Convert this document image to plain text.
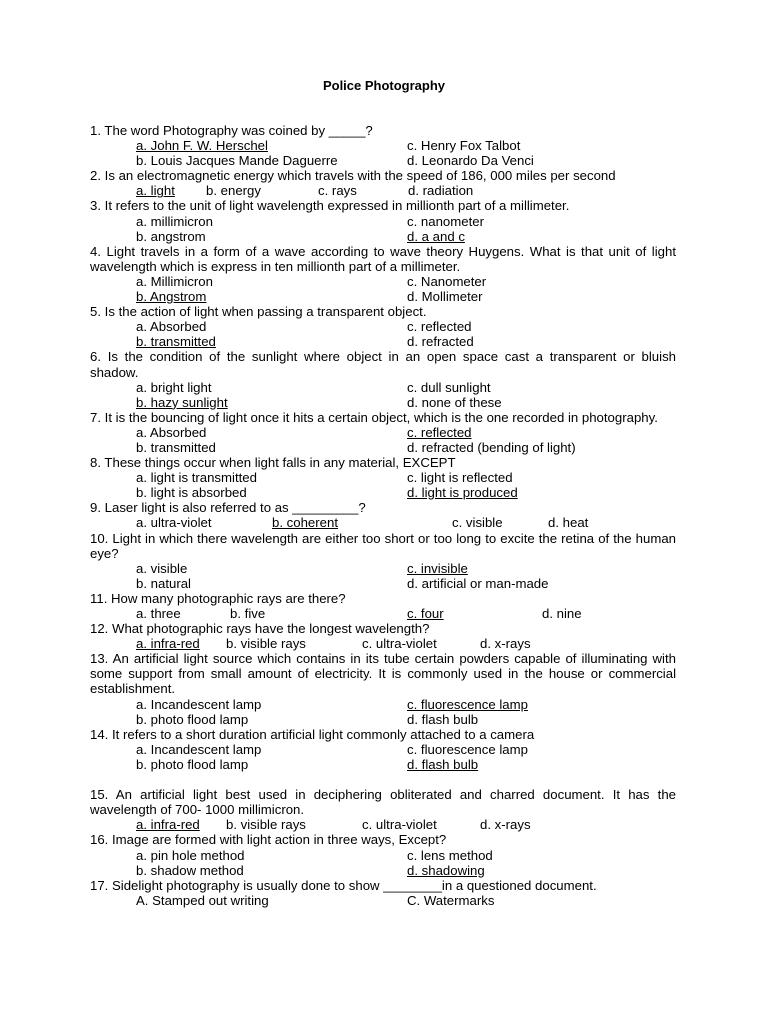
Police Photography
1. The word Photography was coined by _____?
a. John F. W. Herschel	c. Henry Fox Talbot
b. Louis Jacques Mande Daguerre	d. Leonardo Da Venci
2. Is an electromagnetic energy which travels with the speed of 186, 000 miles per second
a. light b. energy	c. rays	d. radiation
3. It refers to the unit of light wavelength expressed in millionth part of a millimeter.
a. millimicron	c. nanometer
b. angstrom	d. a and c
4. Light travels in a form of a wave according to wave theory Huygens. What is that unit of light wavelength which is express in ten millionth part of a millimeter.
a. Millimicron	c. Nanometer
b. Angstrom	d. Mollimeter
5. Is the action of light when passing a transparent object.
a. Absorbed	c. reflected
b. transmitted	d. refracted
6. Is the condition of the sunlight where object in an open space cast a transparent or bluish shadow.
a. bright light	c. dull sunlight
b. hazy sunlight	d. none of these
7. It is the bouncing of light once it hits a certain object, which is the one recorded in photography.
a. Absorbed	c. reflected
b. transmitted	d. refracted (bending of light)
8. These things occur when light falls in any material, EXCEPT
a. light is transmitted	c. light is reflected
b. light is absorbed	d. light is produced
9. Laser light is also referred to as _________?
a. ultra-violet	b. coherent	c. visible	d. heat
10. Light in which there wavelength are either too short or too long to excite the retina of the human eye?
a. visible	c. invisible
b. natural	d. artificial or man-made
11. How many photographic rays are there?
a. three	b. five	c. four	d. nine
12. What photographic rays have the longest wavelength?
a. infra-red b. visible rays	c. ultra-violet	d. x-rays
13. An artificial light source which contains in its tube certain powders capable of illuminating with some support from small amount of electricity. It is commonly used in the house or commercial establishment.
a. Incandescent lamp	c. fluorescence lamp
b. photo flood lamp	d. flash bulb
14. It refers to a short duration artificial light commonly attached to a camera
a. Incandescent lamp	c. fluorescence lamp
b. photo flood lamp	d. flash bulb
15. An artificial light best used in deciphering obliterated and charred document. It has the wavelength of 700- 1000 millimicron.
a. infra-red b. visible rays	c. ultra-violet	d. x-rays
16. Image are formed with light action in three ways, Except?
a. pin hole method	c. lens method
b. shadow method	d. shadowing
17. Sidelight photography is usually done to show ________in a questioned document.
A. Stamped out writing	C. Watermarks
